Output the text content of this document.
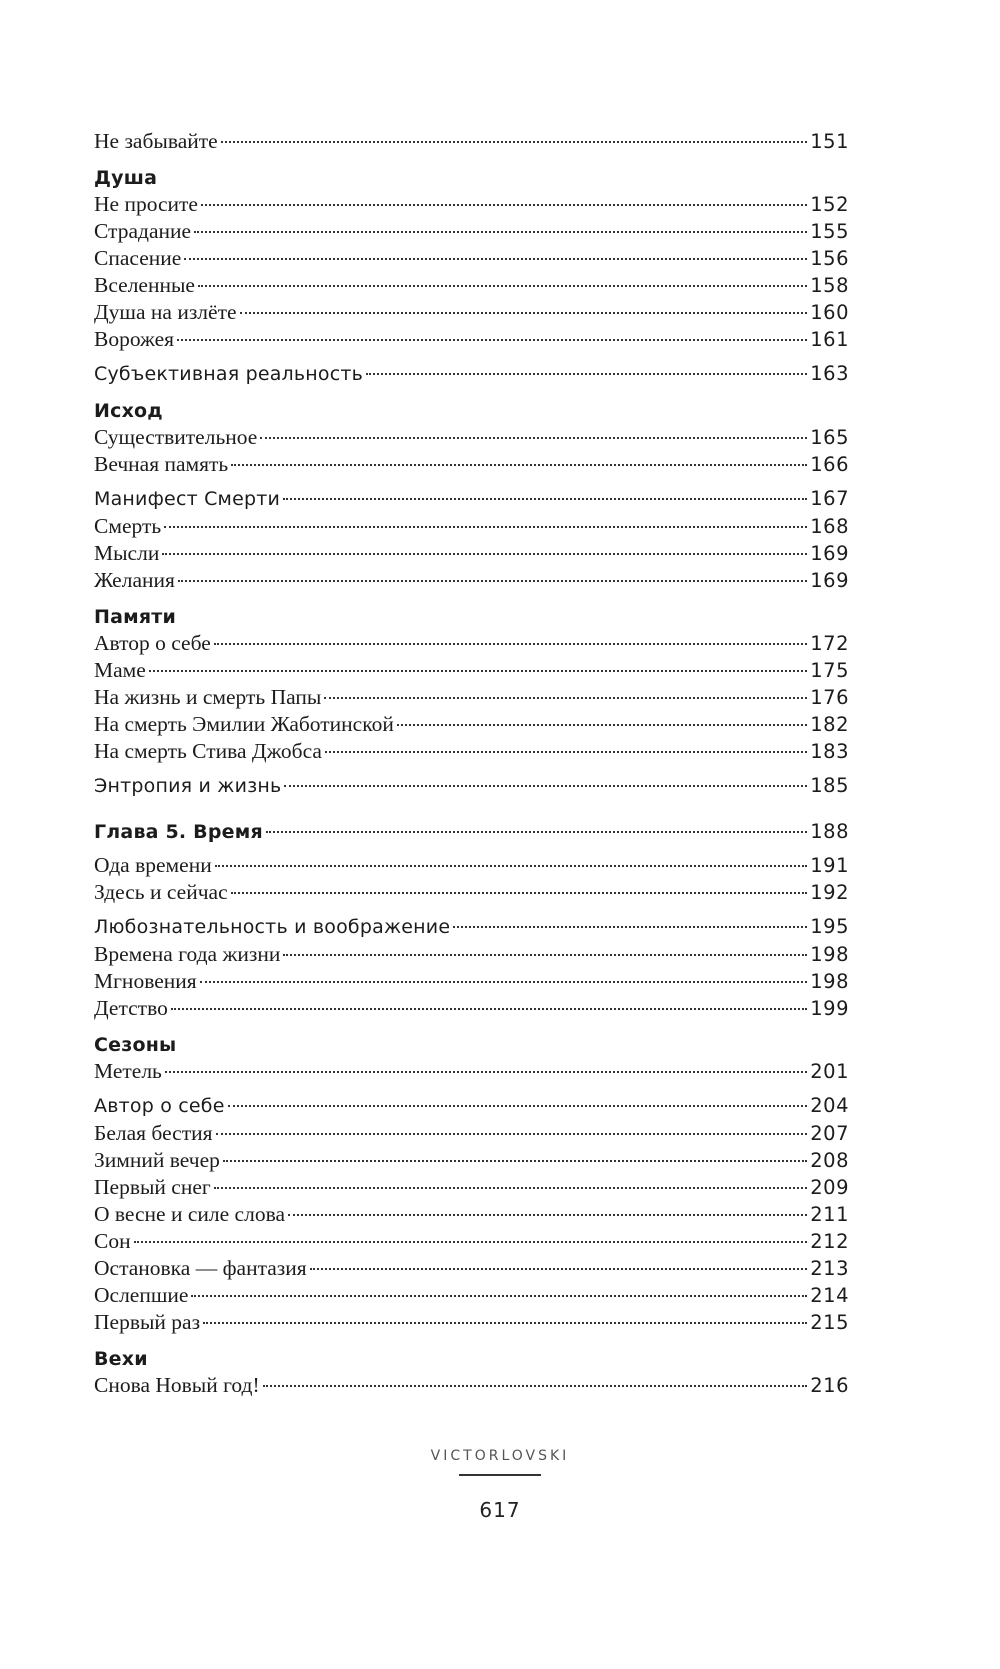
Не забывайте	151
Душа
Не просите	152
Страдание	155
Спасение	156
Вселенные	158
Душа на излёте	160
Ворожея	161
Субъективная реальность	163
Исход
Существительное	165
Вечная память	166
Манифест Смерти	167
Смерть	168
Мысли	169
Желания	169
Памяти
Автор о себе	172
Маме	175
На жизнь и смерть Папы	176
На смерть Эмилии Жаботинской	182
На смерть Стива Джобса	183
Энтропия и жизнь	185
Глава 5. Время	188
Ода времени	191
Здесь и сейчас	192
Любознательность и воображение	195
Времена года жизни	198
Мгновения	198
Детство	199
Сезоны
Метель	201
Автор о себе	204
Белая бестия	207
Зимний вечер	208
Первый снег	209
О весне и силе слова	211
Сон	212
Остановка — фантазия	213
Ослепшие	214
Первый раз	215
Вехи
Снова Новый год!	216
VICTORLOVSKI
617
